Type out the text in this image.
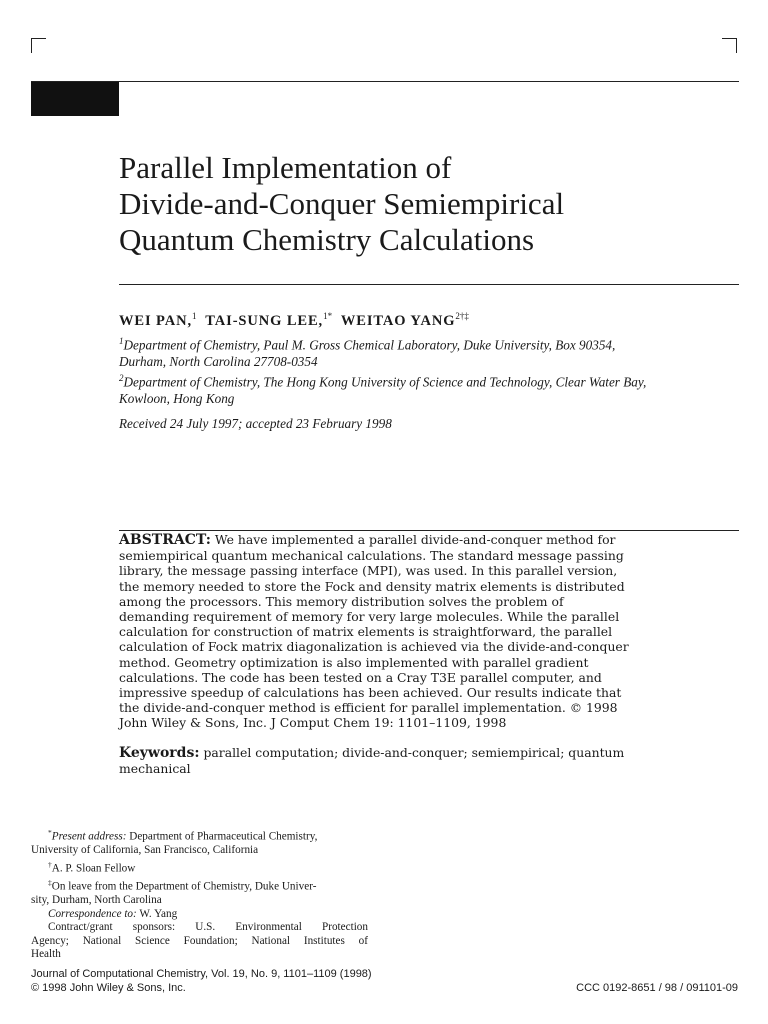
Parallel Implementation of
Divide-and-Conquer Semiempirical
Quantum Chemistry Calculations
WEI PAN,$^1$ TAI-SUNG LEE,$^{1*}$ WEITAO $YANG^{2\dagger\ddagger}$
$^1$Department of Chemistry, Paul M. Gross Chemical Laboratory, Duke University, Box 90354,
Durham, North Carolina 27708-0354
$^2$Department of Chemistry, The Hong Kong University of Science and Technology, Clear Water Bay,
Kowloon, Hong Kong
Received 24 July 1997; accepted 23 February 1998
ABSTRACT: We have implemented a parallel divide-and-conquer method for
semiempirical quantum mechanical calculations. The standard message passing
library, the message passing interface (MPI), was used. In this parallel version,
the memory needed to store the Fock and density matrix elements is distributed
among the processors. This memory distribution solves the problem of
demanding requirement of memory for very large molecules. While the parallel
calculation for construction of matrix elements is straightforward, the parallel
calculation of Fock matrix diagonalization is achieved via the divide-and-conquer
method. Geometry optimization is also implemented with parallel gradient
calculations. The code has been tested on a Cray T3E parallel computer, and
impressive speedup of calculations has been achieved. Our results indicate that
the divide-and-conquer method is efficient for parallel implementation. © 1998
John Wiley & Sons, Inc. J Comput Chem 19: 1101–1109, 1998
Keywords: parallel computation; divide-and-conquer; semiempirical; quantum
mechanical
*Present address: Department of Pharmaceutical Chemistry,
University of California, San Francisco, California
†A. P. Sloan Fellow
‡On leave from the Department of Chemistry, Duke Univer-
sity, Durham, North Carolina
Correspondence to: W. Yang
Contract/grant sponsors: U.S. Environmental Protection
Agency; National Science Foundation; National Institutes of
Health
Journal of Computational Chemistry, Vol. 19, No. 9, 1101–1109 (1998)
© 1998 John Wiley & Sons, Inc.	CCC 0192-8651 / 98 / 091101-09
